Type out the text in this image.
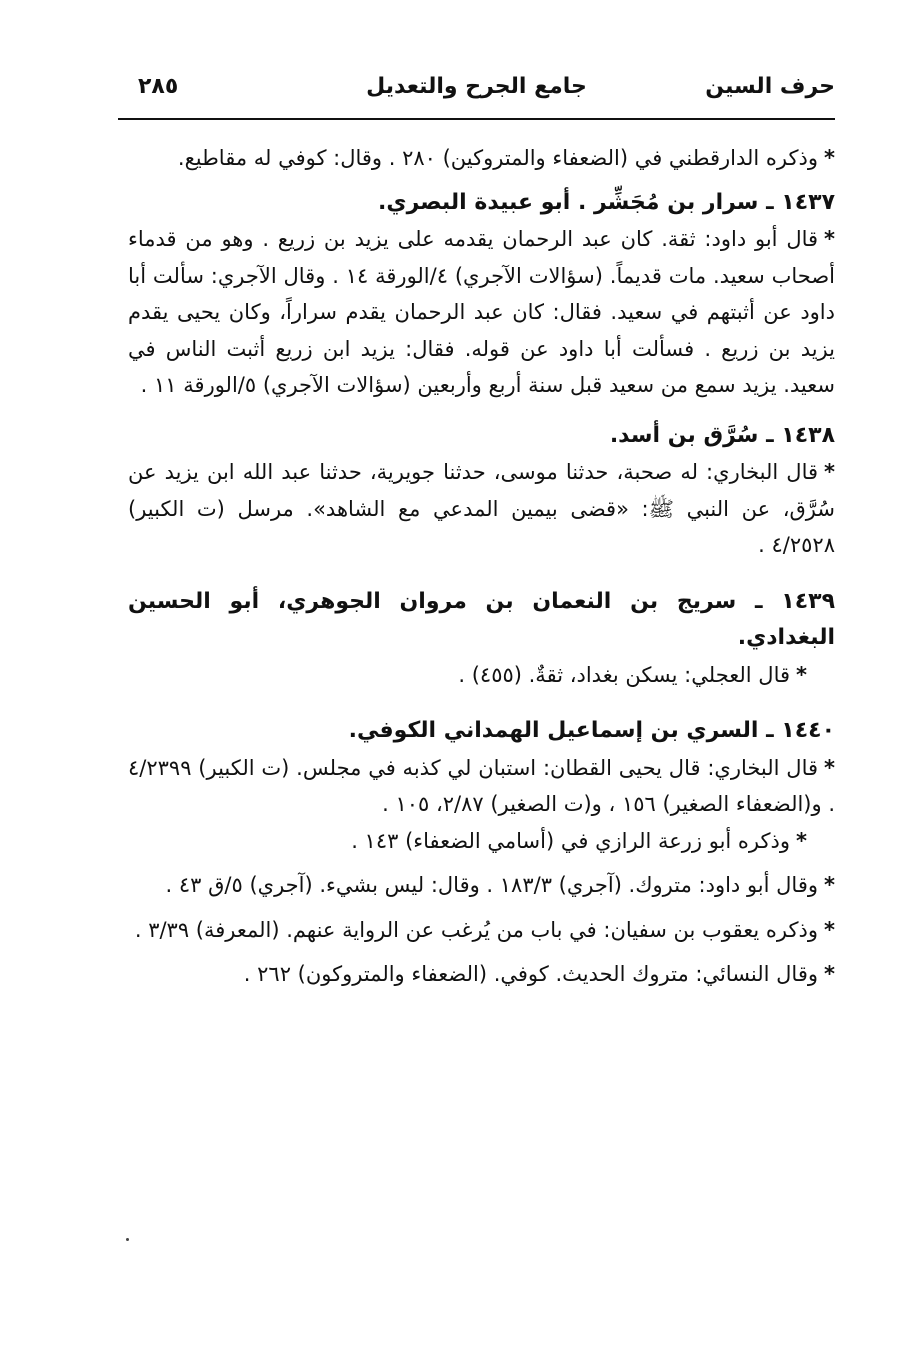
حرف السين
جامع الجرح والتعديل
٢٨٥

*وذكره الدارقطني في (الضعفاء والمتروكين) ٢٨٠ . وقال: كوفي له مقاطيع.

١٤٣٧ ـ سرار بن مُجَشِّر . أبو عبيدة البصري.

*قال أبو داود: ثقة. كان عبد الرحمان يقدمه على يزيد بن زريع . وهو من قدماء أصحاب سعيد. مات قديماً. (سؤالات الآجري) ٤/الورقة ١٤ . وقال الآجري: سألت أبا داود عن أثبتهم في سعيد. فقال: كان عبد الرحمان يقدم سراراً، وكان يحيى يقدم يزيد بن زريع . فسألت أبا داود عن قوله. فقال: يزيد ابن زريع أثبت الناس في سعيد. يزيد سمع من سعيد قبل سنة أربع وأربعين (سؤالات الآجري) ٥/الورقة ١١ .

١٤٣٨ ـ سُرَّق بن أسد.

*قال البخاري: له صحبة، حدثنا موسى، حدثنا جويرية، حدثنا عبد الله ابن يزيد عن سُرَّق، عن النبي ﷺ: «قضى بيمين المدعي مع الشاهد». مرسل (ت الكبير) ٤/٢٥٢٨ .

١٤٣٩ ـ سريج بن النعمان بن مروان الجوهري، أبو الحسين البغدادي.

*قال العجلي: يسكن بغداد، ثقةٌ. (٤٥٥) .

١٤٤٠ ـ السري بن إسماعيل الهمداني الكوفي.

*قال البخاري: قال يحيى القطان: استبان لي كذبه في مجلس. (ت الكبير) ٤/٢٣٩٩ . و(الضعفاء الصغير) ١٥٦ ، و(ت الصغير) ٢/٨٧، ١٠٥ .

*وذكره أبو زرعة الرازي في (أسامي الضعفاء) ١٤٣ .

*وقال أبو داود: متروك. (آجري) ١٨٣/٣ . وقال: ليس بشيء. (آجري) ٥/ق ٤٣ .

*وذكره يعقوب بن سفيان: في باب من يُرغب عن الرواية عنهم. (المعرفة) ٣/٣٩ .

*وقال النسائي: متروك الحديث. كوفي. (الضعفاء والمتروكون) ٢٦٢ .
